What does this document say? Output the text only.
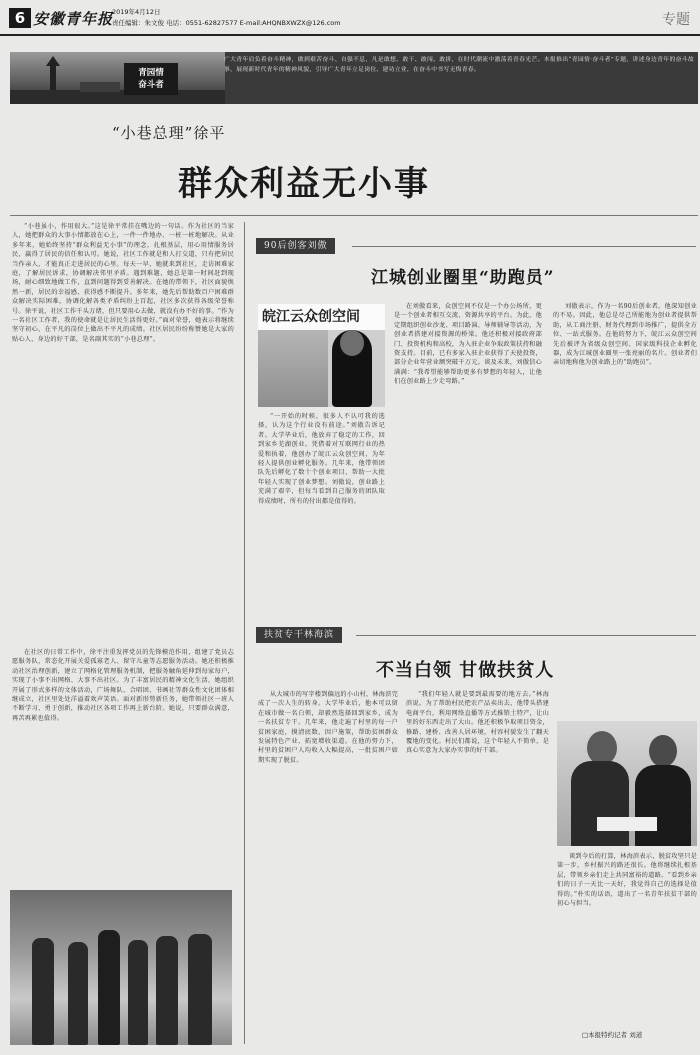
6 安徽青年报
2019年4月12日
责任编辑：朱文俊 电话：0551-62827577 E-mail:AHQNBXWZX@126.com	专题
青园情
奋斗者
广大青年肩负着奋斗精神，做到艰苦奋斗、自强不息，凡是敢想、敢干、敢闯、敢拼，在时代潮流中激荡着青春光芒。本报推出“青园情·奋斗者”专题，讲述身边青年的奋斗故事，展现新时代青年的精神风貌，引导广大青年立足岗位、建功立业，在奋斗中书写无悔青春。
“小巷总理”徐平
群众利益无小事

“小巷虽小，作用很大。”这是徐平常挂在嘴边的一句话。作为社区的当家人，她把群众的大事小情都放在心上，一件一件地办、一桩一桩地解决。从业多年来，她始终坚持“群众利益无小事”的理念，扎根基层，用心用情服务居民，赢得了居民的信任和认可。她说，社区工作就是和人打交道，只有把居民当作亲人，才能真正走进居民的心里。每天一早，她就来到社区，走访困难家庭，了解居民诉求，协调解决邻里矛盾。遇到难题，她总是第一时间赶到现场，耐心细致地做工作，直到问题得到妥善解决。在她的带领下，社区面貌焕然一新，居民的幸福感、获得感不断提升。多年来，她先后帮助数百户困难群众解决实际困难，协调化解各类矛盾纠纷上百起，社区多次获得各级荣誉称号。徐平说，社区工作千头万绪，但只要用心去做，就没有办不好的事。“作为一名社区工作者，我的使命就是让居民生活得更好。”面对荣誉，她表示将继续坚守初心，在平凡的岗位上做出不平凡的成绩。社区居民纷纷称赞她是大家的贴心人、身边的好干部，是名副其实的“小巷总理”。

在社区的日常工作中，徐平注重发挥党员的先锋模范作用，组建了党员志愿服务队，常态化开展关爱孤寡老人、留守儿童等志愿服务活动。她还积极推动社区治理创新，建立了网格化管理服务机制，把服务触角延伸到每家每户，实现了小事不出网格、大事不出社区。为了丰富居民的精神文化生活，她组织开展了形式多样的文体活动，广场舞队、合唱团、书画社等群众性文化团体相继成立，社区里处处洋溢着欢声笑语。面对新形势新任务，她带领社区一班人不断学习、勇于创新，推动社区各项工作再上新台阶。她说，只要群众满意，再苦再累也值得。

90后创客刘傲
江城创业圈里“助跑员”
皖江云众创空间

“一开始的时候，很多人不认可我的选择，认为这个行业没有前途。”刘傲告诉记者。大学毕业后，他放弃了稳定的工作，回到家乡芜湖创业。凭借着对互联网行业的热爱和执着，他创办了皖江云众创空间，为年轻人提供创业孵化服务。几年来，他带领团队先后孵化了数十个创业项目，帮助一大批年轻人实现了创业梦想。刘傲说，创业路上充满了艰辛，但每当看到自己服务的团队取得成绩时，所有的付出都是值得的。

在刘傲看来，众创空间不仅是一个办公场所，更是一个创业者相互交流、资源共享的平台。为此，他定期组织创业沙龙、项目路演、导师辅导等活动，为创业者搭建对接资源的桥梁。他还积极对接政府部门、投资机构和高校，为入驻企业争取政策扶持和融资支持。目前，已有多家入驻企业获得了天使投资，部分企业年营业额突破千万元。谈及未来，刘傲信心满满：“我希望能够帮助更多有梦想的年轻人，让他们在创业路上少走弯路。”

刘傲表示，作为一名90后创业者，他深知创业的不易。因此，他总是尽己所能地为创业者提供帮助，从工商注册、财务代理到市场推广，提供全方位、一站式服务。在他的努力下，皖江云众创空间先后被评为省级众创空间、国家级科技企业孵化器，成为江城创业圈里一张亮丽的名片。创业者们亲切地称他为创业路上的“助跑员”。

扶贫专干林海滨
不当白领 甘做扶贫人

从大城市的写字楼到偏远的小山村，林海滨完成了一次人生的转身。大学毕业后，他本可以留在城市做一名白领，却毅然选择回到家乡，成为一名扶贫专干。几年来，他走遍了村里的每一户贫困家庭，摸清底数，因户施策，帮助贫困群众发展特色产业，拓宽增收渠道。在他的努力下，村里的贫困户人均收入大幅提高，一批贫困户如期实现了脱贫。

“我们年轻人就是要到最需要的地方去。”林海滨说。为了帮助村民把农产品卖出去，他带头搭建电商平台，利用网络直播等方式推销土特产，让山里的好东西走出了大山。他还积极争取项目资金，修路、建桥、改善人居环境，村容村貌发生了翻天覆地的变化。村民们都说，这个年轻人不简单，是真心实意为大家办实事的好干部。

谈到今后的打算，林海滨表示，脱贫攻坚只是第一步，乡村振兴的路还很长。他将继续扎根基层，带领乡亲们走上共同富裕的道路。“看到乡亲们的日子一天比一天好，我觉得自己的选择是值得的。”朴实的话语，道出了一名青年扶贫干部的初心与担当。

□本报特约记者 刘道
